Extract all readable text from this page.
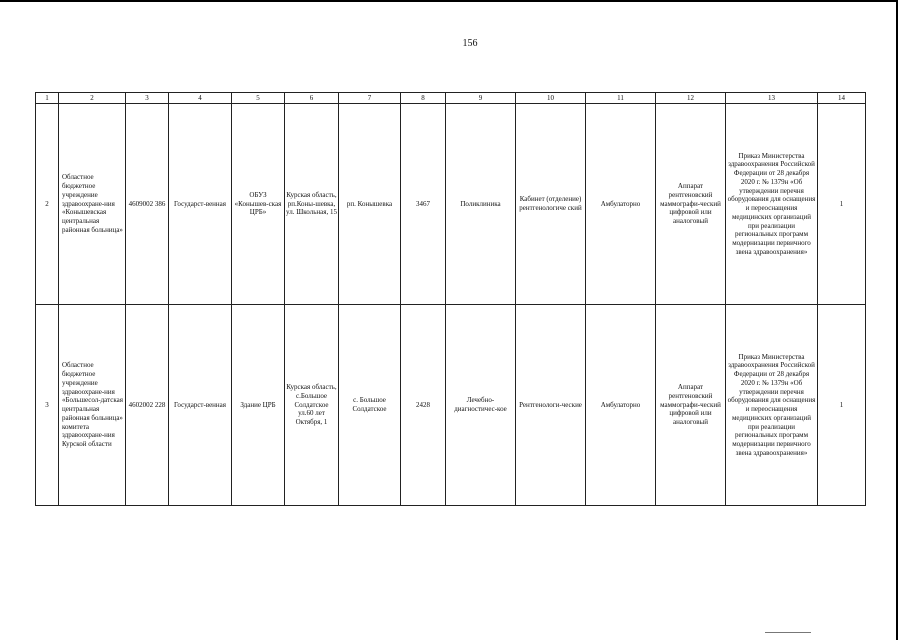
156
1	2	3	4	5	6	7	8	9	10	11	12	13	14
2	Областное бюджетное учреждение здравоохране-ния «Конышевская центральная районная больница»	4609002 386	Государст-венная	ОБУЗ «Конышев-ская ЦРБ»	Курская область, рп.Коны-шевка, ул. Школьная, 15	рп. Конышевка	3467	Поликлиника	Кабинет (отделение) рентгенологиче ский	Амбулаторно	Аппарат рентгеновский маммографи-ческий цифровой или аналоговый	Приказ Министерства здравоохранения Российской Федерации от 28 декабря 2020 г. № 1379н «Об утверждении перечня оборудования для оснащения и переоснащения медицинских организаций при реализации региональных программ модернизации первичного звена здравоохранения»	1
3	Областное бюджетное учреждение здравоохране-ния «Большесол-датская центральная районная больница» комитета здравоохране-ния Курской области	4602002 228	Государст-венная	Здание ЦРБ	Курская область, с.Большое Солдатское ул.60 лет Октября, 1	с. Большое Солдатское	2428	Лечебно-диагностичес-кое	Рентгенологи-ческие	Амбулаторно	Аппарат рентгеновский маммографи-ческий цифровой или аналоговый	Приказ Министерства здравоохранения Российской Федерации от 28 декабря 2020 г. № 1379н «Об утверждении перечня оборудования для оснащения и переоснащения медицинских организаций при реализации региональных программ модернизации первичного звена здравоохранения»	1
